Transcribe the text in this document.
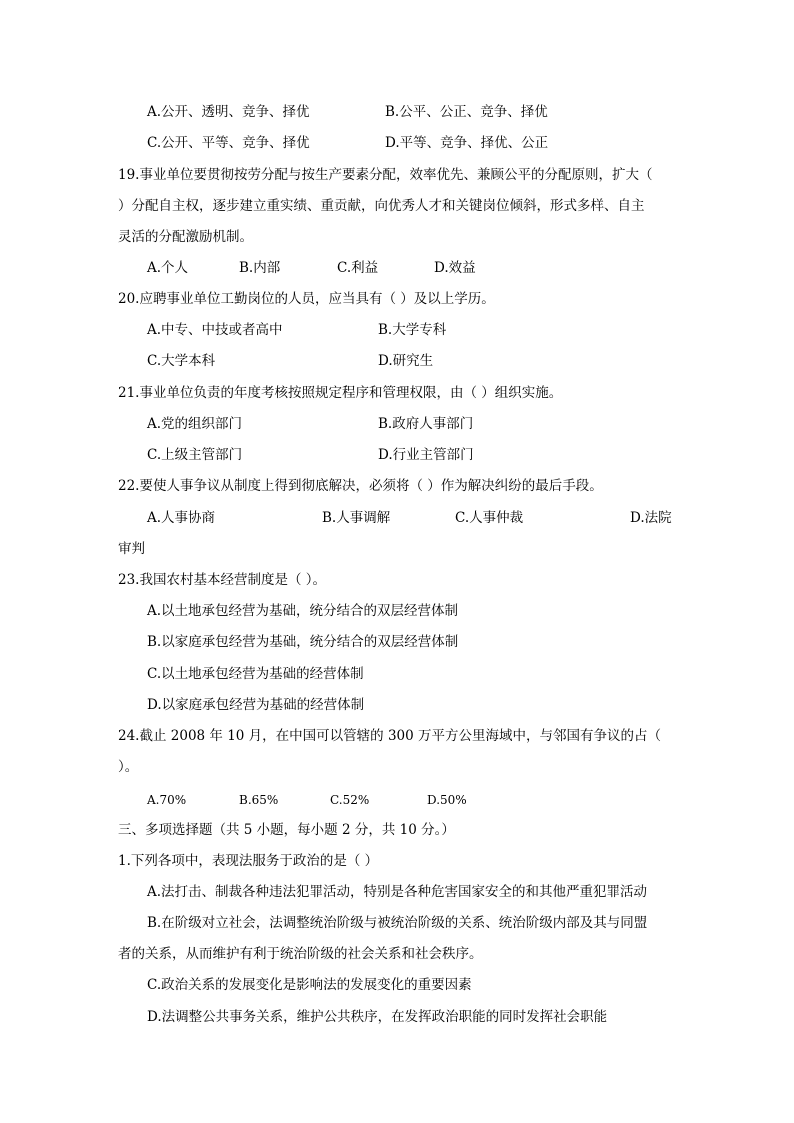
A.公开、透明、竞争、择优	B.公平、公正、竞争、择优
C.公开、平等、竞争、择优	D.平等、竞争、择优、公正
19.事业单位要贯彻按劳分配与按生产要素分配，效率优先、兼顾公平的分配原则，扩大（
）分配自主权，逐步建立重实绩、重贡献，向优秀人才和关键岗位倾斜，形式多样、自主
灵活的分配激励机制。
A.个人	B.内部	C.利益	D.效益
20.应聘事业单位工勤岗位的人员，应当具有（ ）及以上学历。
A.中专、中技或者高中	B.大学专科
C.大学本科	D.研究生
21.事业单位负责的年度考核按照规定程序和管理权限，由（ ）组织实施。
A.党的组织部门	B.政府人事部门
C.上级主管部门	D.行业主管部门
22.要使人事争议从制度上得到彻底解决，必须将（ ）作为解决纠纷的最后手段。
A.人事协商	B.人事调解	C.人事仲裁	D.法院
审判
23.我国农村基本经营制度是（ ）。
A.以土地承包经营为基础，统分结合的双层经营体制
B.以家庭承包经营为基础，统分结合的双层经营体制
C.以土地承包经营为基础的经营体制
D.以家庭承包经营为基础的经营体制
24.截止 2008 年 10 月，在中国可以管辖的 300 万平方公里海域中，与邻国有争议的占（
）。
A.70%	B.65%	C.52%	D.50%
三、多项选择题（共 5 小题，每小题 2 分，共 10 分。）
1.下列各项中，表现法服务于政治的是（ ）
A.法打击、制裁各种违法犯罪活动，特别是各种危害国家安全的和其他严重犯罪活动
B.在阶级对立社会，法调整统治阶级与被统治阶级的关系、统治阶级内部及其与同盟
者的关系，从而维护有利于统治阶级的社会关系和社会秩序。
C.政治关系的发展变化是影响法的发展变化的重要因素
D.法调整公共事务关系，维护公共秩序，在发挥政治职能的同时发挥社会职能
